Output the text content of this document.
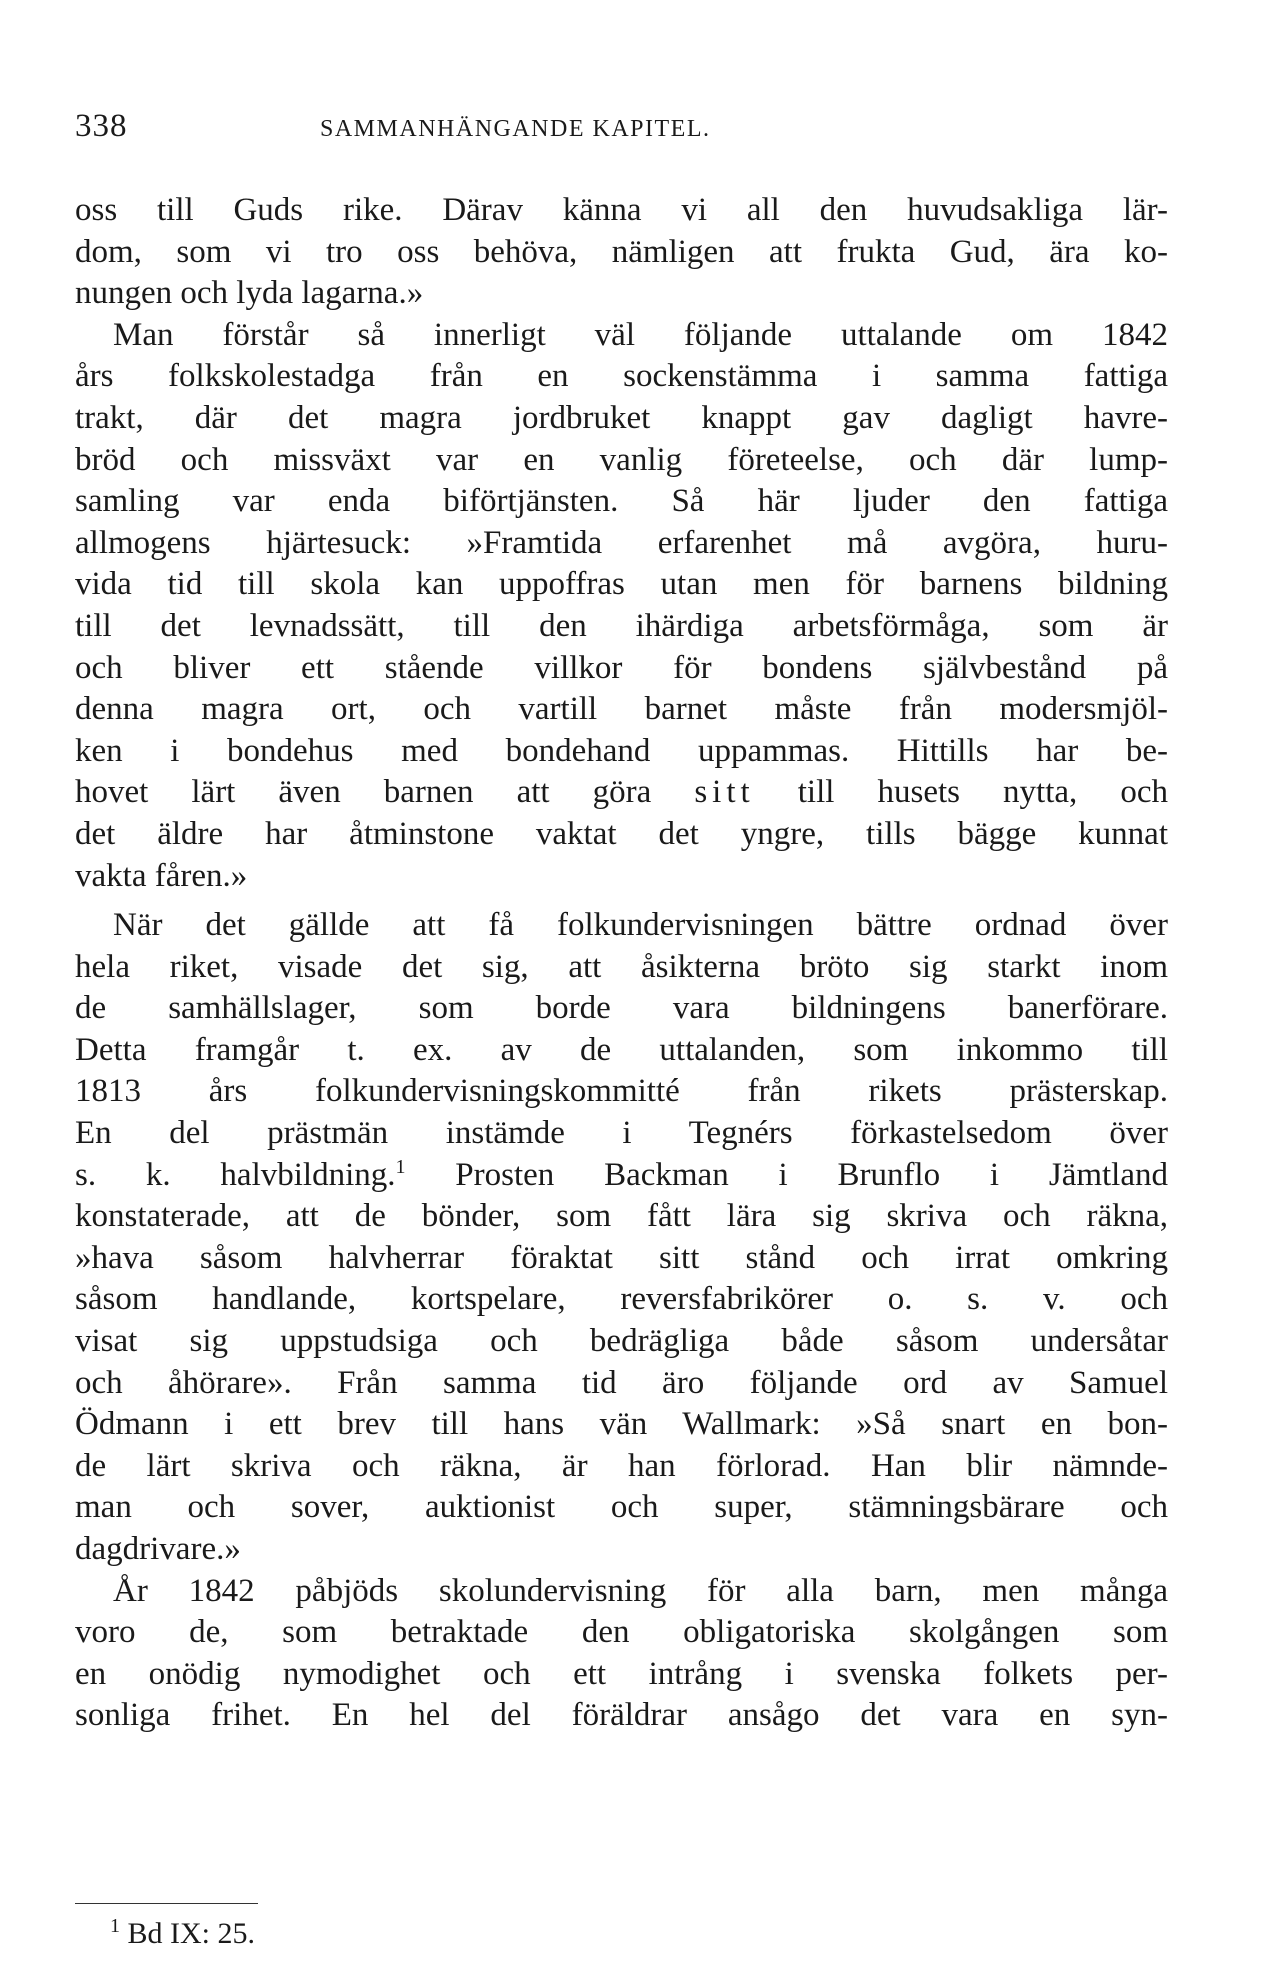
338	SAMMANHÄNGANDE KAPITEL.
oss till Guds rike. Därav känna vi all den huvudsakliga lär-
dom, som vi tro oss behöva, nämligen att frukta Gud, ära ko-
nungen och lyda lagarna.»
Man förstår så innerligt väl följande uttalande om 1842
års folkskolestadga från en sockenstämma i samma fattiga
trakt, där det magra jordbruket knappt gav dagligt havre-
bröd och missväxt var en vanlig företeelse, och där lump-
samling var enda biförtjänsten. Så här ljuder den fattiga
allmogens hjärtesuck: »Framtida erfarenhet må avgöra, huru-
vida tid till skola kan uppoffras utan men för barnens bildning
till det levnadssätt, till den ihärdiga arbetsförmåga, som är
och bliver ett stående villkor för bondens självbestånd på
denna magra ort, och vartill barnet måste från modersmjöl-
ken i bondehus med bondehand uppammas. Hittills har be-
hovet lärt även barnen att göra sitt till husets nytta, och
det äldre har åtminstone vaktat det yngre, tills bägge kunnat
vakta fåren.»
När det gällde att få folkundervisningen bättre ordnad över
hela riket, visade det sig, att åsikterna bröto sig starkt inom
de samhällslager, som borde vara bildningens banerförare.
Detta framgår t. ex. av de uttalanden, som inkommo till
1813 års folkundervisningskommitté från rikets prästerskap.
En del prästmän instämde i Tegnérs förkastelsedom över
s. k. halvbildning.$^1$ Prosten Backman i Brunflo i Jämtland
konstaterade, att de bönder, som fått lära sig skriva och räkna,
»hava såsom halvherrar föraktat sitt stånd och irrat omkring
såsom handlande, kortspelare, reversfabrikörer o. s. v. och
visat sig uppstudsiga och bedrägliga både såsom undersåtar
och åhörare». Från samma tid äro följande ord av Samuel
Ödmann i ett brev till hans vän Wallmark: »Så snart en bon-
de lärt skriva och räkna, är han förlorad. Han blir nämnde-
man och sover, auktionist och super, stämningsbärare och
dagdrivare.»
År 1842 påbjöds skolundervisning för alla barn, men många
voro de, som betraktade den obligatoriska skolgången som
en onödig nymodighet och ett intrång i svenska folkets per-
sonliga frihet. En hel del föräldrar ansågo det vara en syn-
$^1$ Bd IX: 25.
